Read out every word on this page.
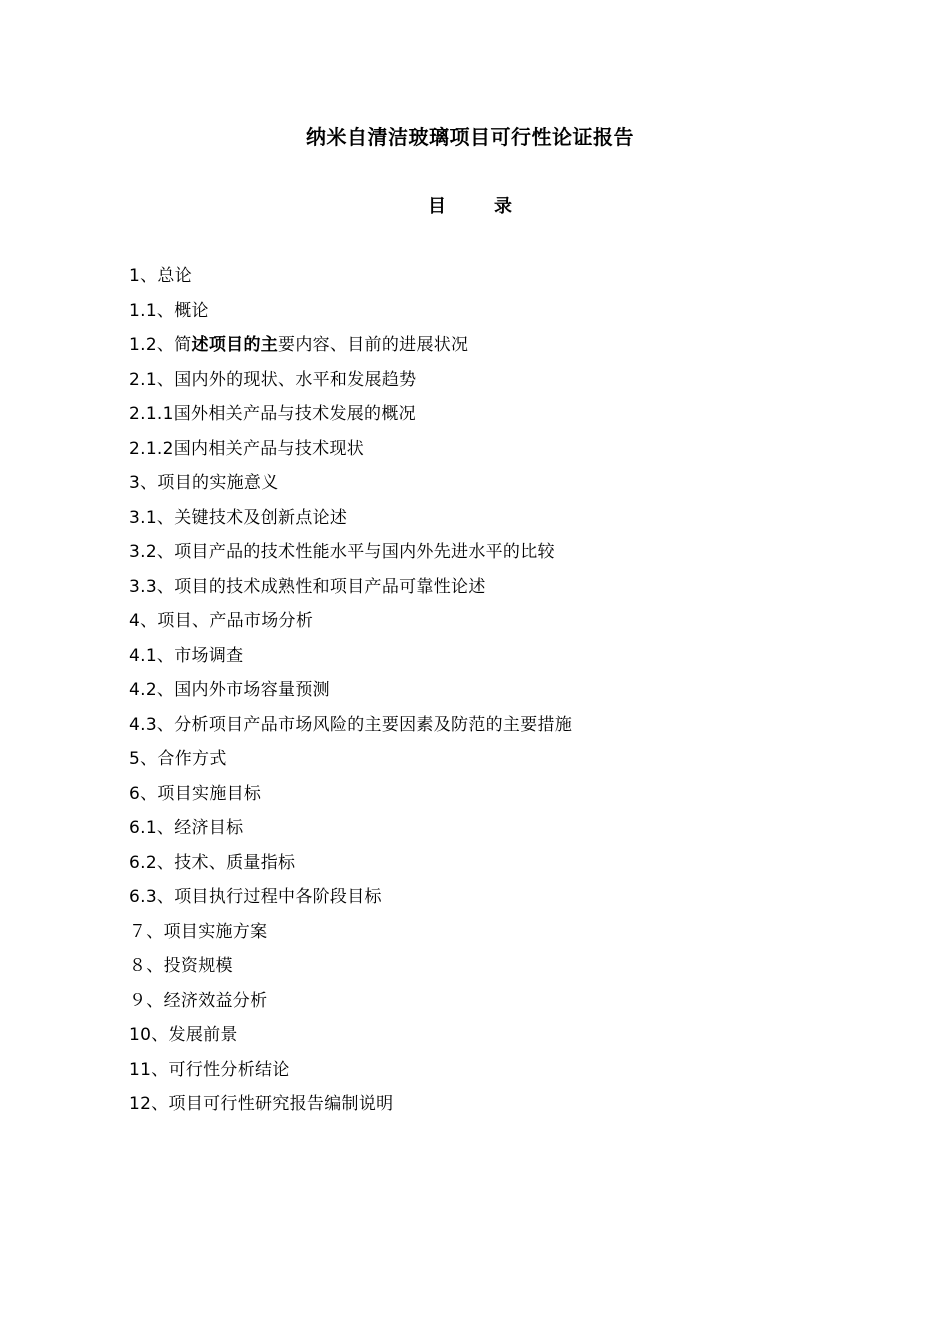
纳米自清洁玻璃项目可行性论证报告
目	录
1、总论
1.1、概论
1.2、简述项目的主要内容、目前的进展状况
2.1、国内外的现状、水平和发展趋势
2.1.1国外相关产品与技术发展的概况
2.1.2国内相关产品与技术现状
3、项目的实施意义
3.1、关键技术及创新点论述
3.2、项目产品的技术性能水平与国内外先进水平的比较
3.3、项目的技术成熟性和项目产品可靠性论述
4、项目、产品市场分析
4.1、市场调查
4.2、国内外市场容量预测
4.3、分析项目产品市场风险的主要因素及防范的主要措施
5、合作方式
6、项目实施目标
6.1、经济目标
6.2、技术、质量指标
6.3、项目执行过程中各阶段目标
７、项目实施方案
８、投资规模
９、经济效益分析
10、发展前景
11、可行性分析结论
12、项目可行性研究报告编制说明
